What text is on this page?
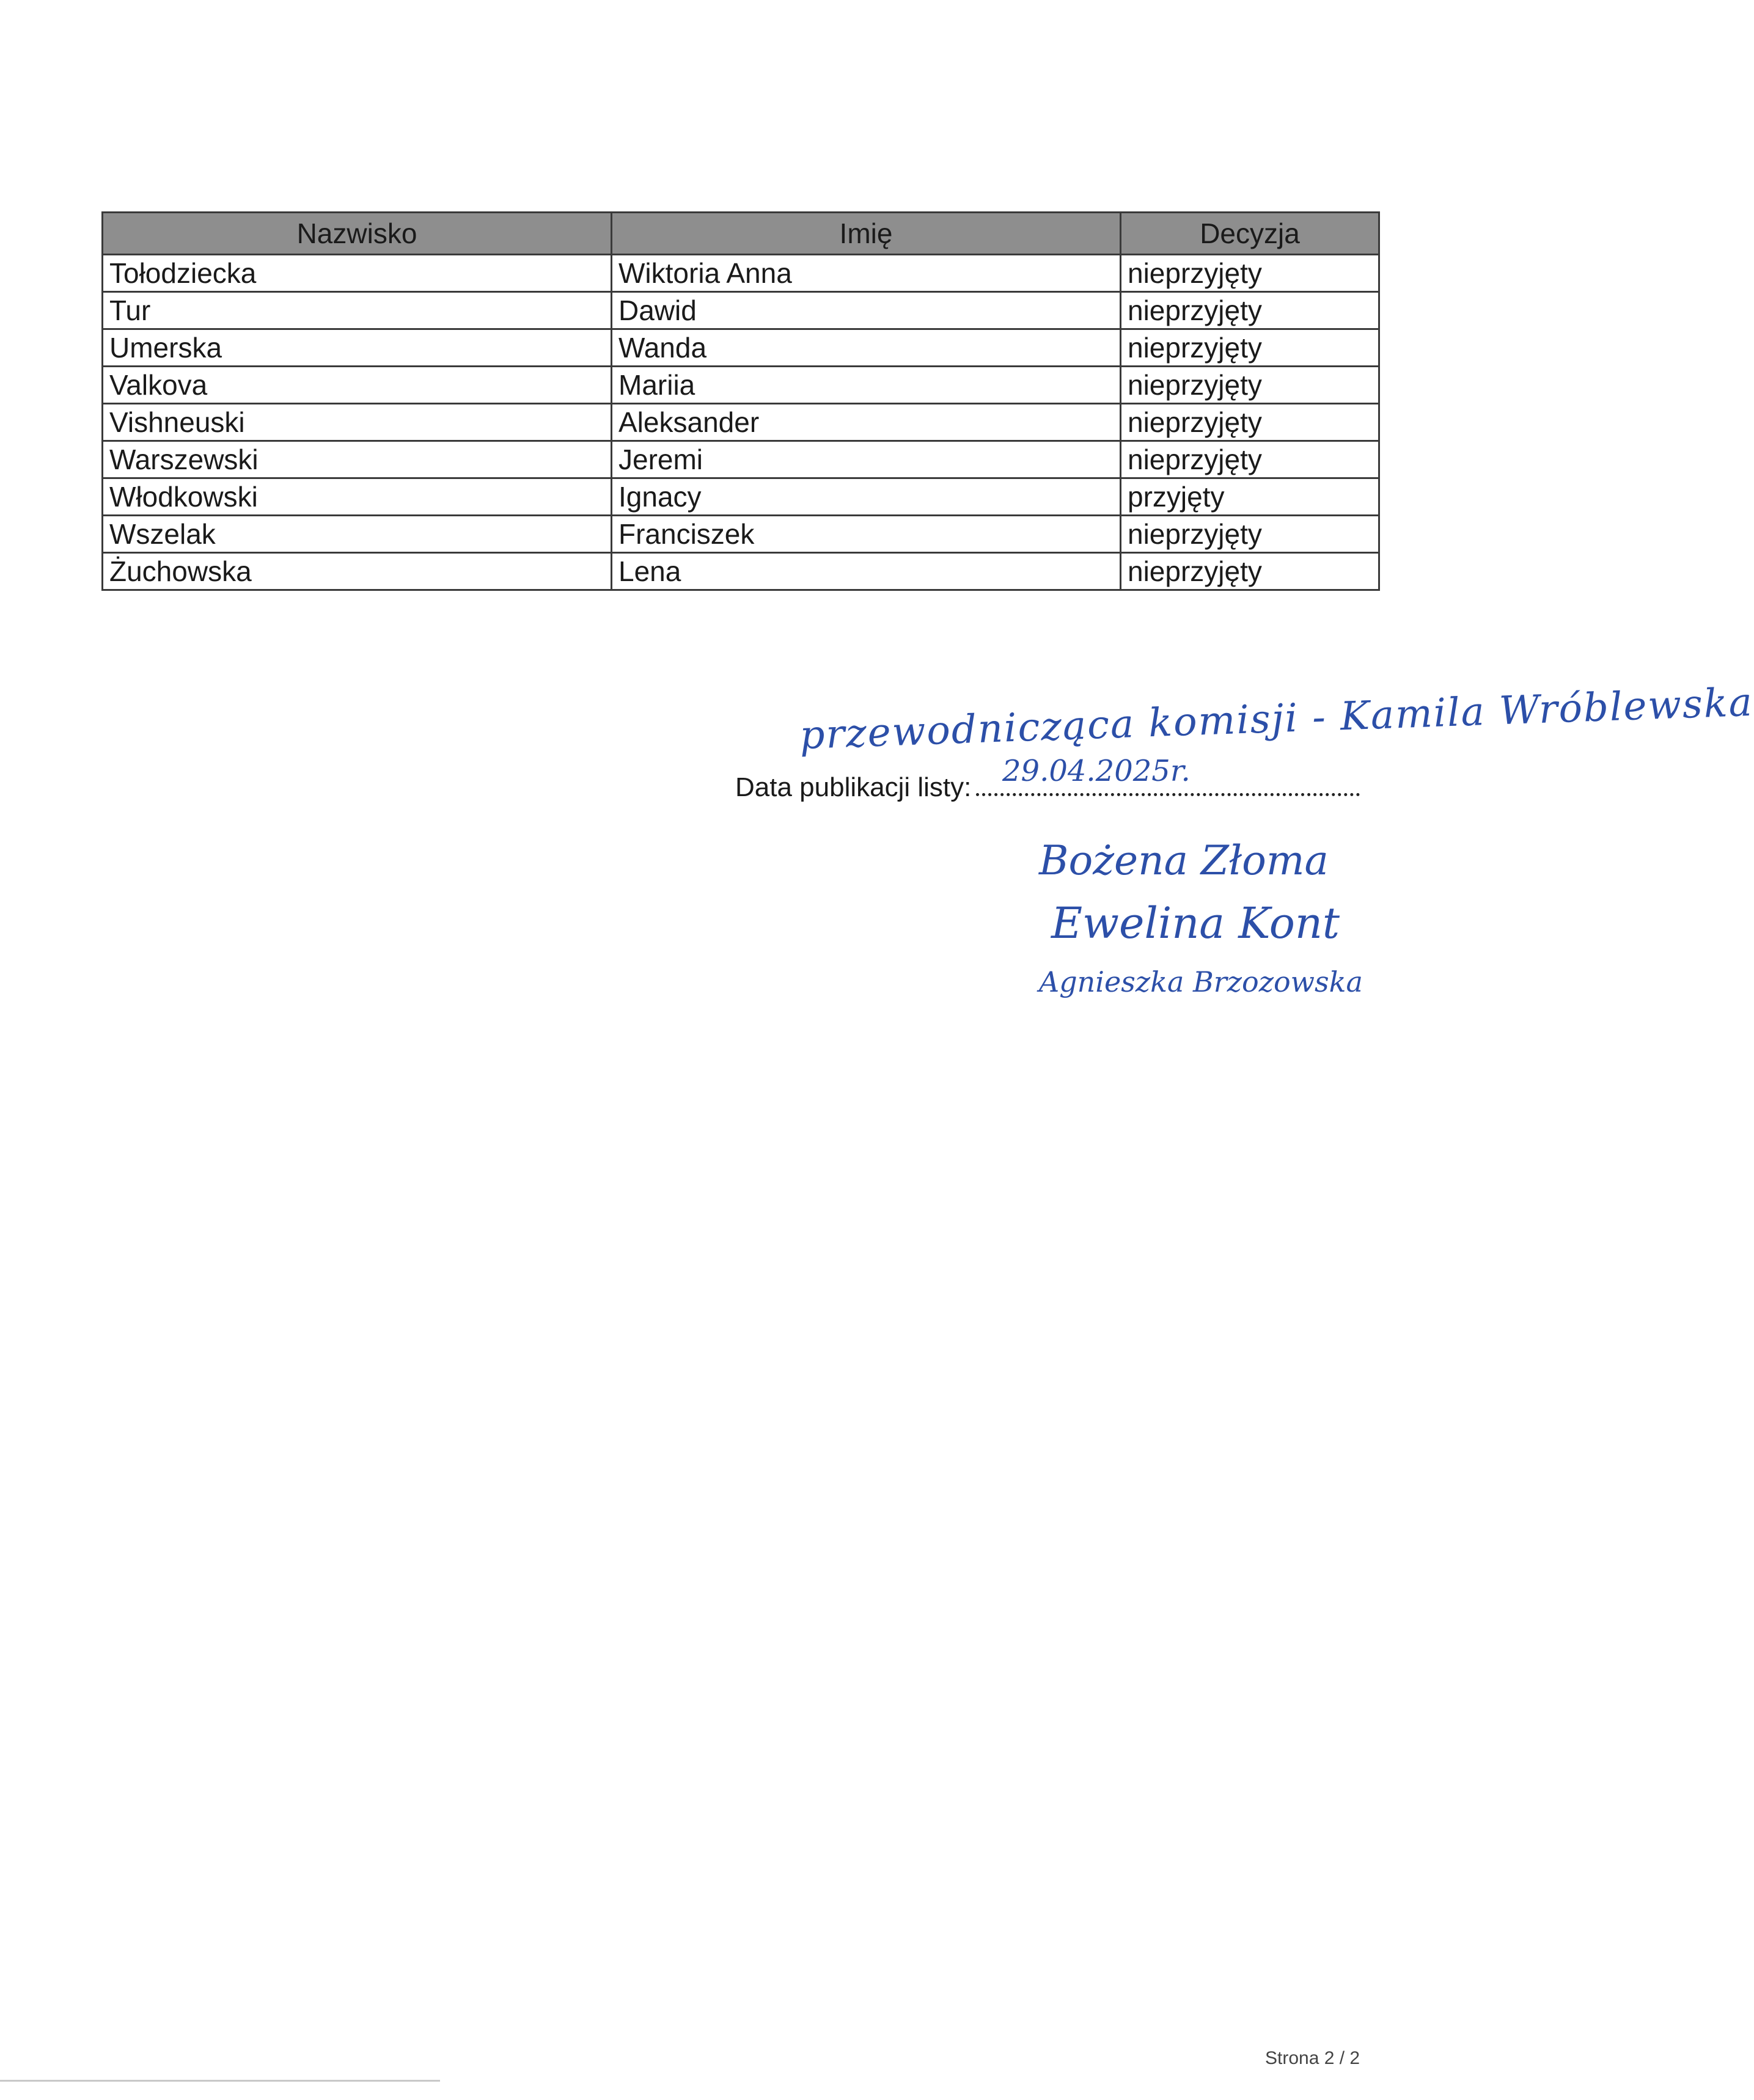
Nazwisko	Imię	Decyzja
Tołodziecka	Wiktoria Anna	nieprzyjęty
Tur	Dawid	nieprzyjęty
Umerska	Wanda	nieprzyjęty
Valkova	Mariia	nieprzyjęty
Vishneuski	Aleksander	nieprzyjęty
Warszewski	Jeremi	nieprzyjęty
Włodkowski	Ignacy	przyjęty
Wszelak	Franciszek	nieprzyjęty
Żuchowska	Lena	nieprzyjęty
przewodnicząca komisji - Kamila Wróblewska
Data publikacji listy: 29.04.2025r.
Bożena Złoma
Ewelina Kont
Agnieszka Brzozowska
Strona 2 / 2
